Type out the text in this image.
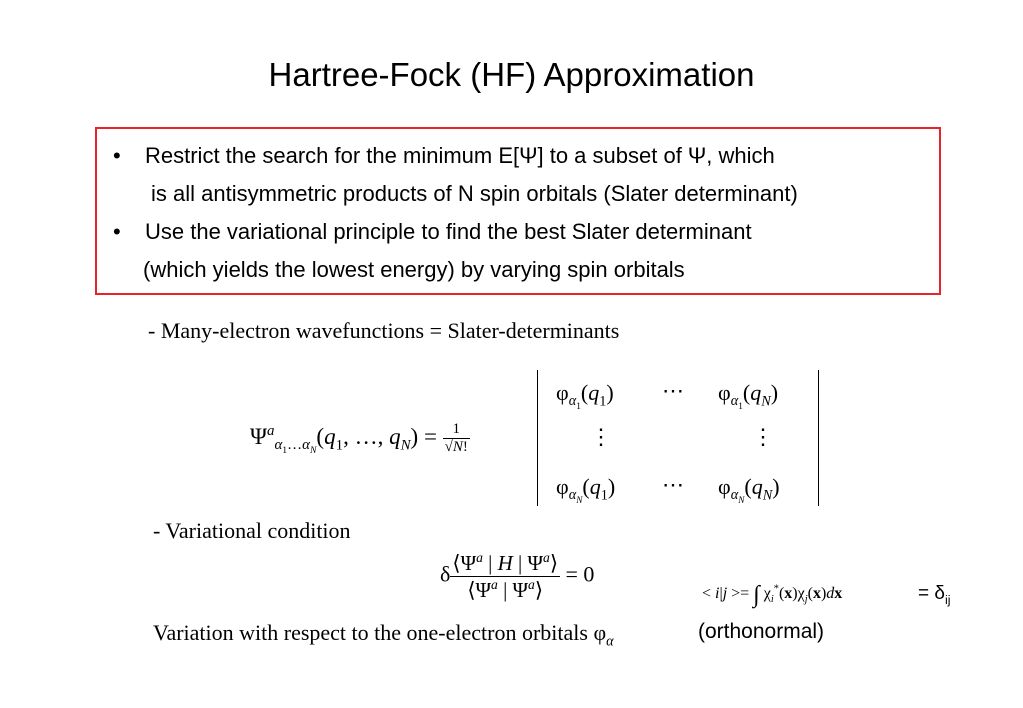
Hartree-Fock (HF) Approximation
• Restrict the search for the minimum E[Ψ] to a subset of Ψ, which
is all antisymmetric products of N spin orbitals (Slater determinant)
• Use the variational principle to find the best Slater determinant
(which yields the lowest energy) by varying spin orbitals
- Many-electron wavefunctions = Slater-determinants
$\Psi^a_{\alpha_1\dots\alpha_N}(q_1$, …, $q_N) = \frac{1}{√N!}$
$\varphi_{\alpha_1}(q_1)$ ⋯ $\varphi_{\alpha_1}(q_N)$
⋮	⋮
$\varphi_{\alpha_N}(q_1)$ ⋯ $\varphi_{\alpha_N}(q_N)$
- Variational condition
δ $\frac{⟨\Psi^a | H | \Psi^a⟩}{⟨\Psi^a | \Psi^a⟩} = 0$
< i|j >= ∫ $\chi_i^*(x)\chi_j(x)dx$	= $\delta_{ij}$
Variation with respect to the one-electron orbitals $\varphi_\alpha$	(orthonormal)
